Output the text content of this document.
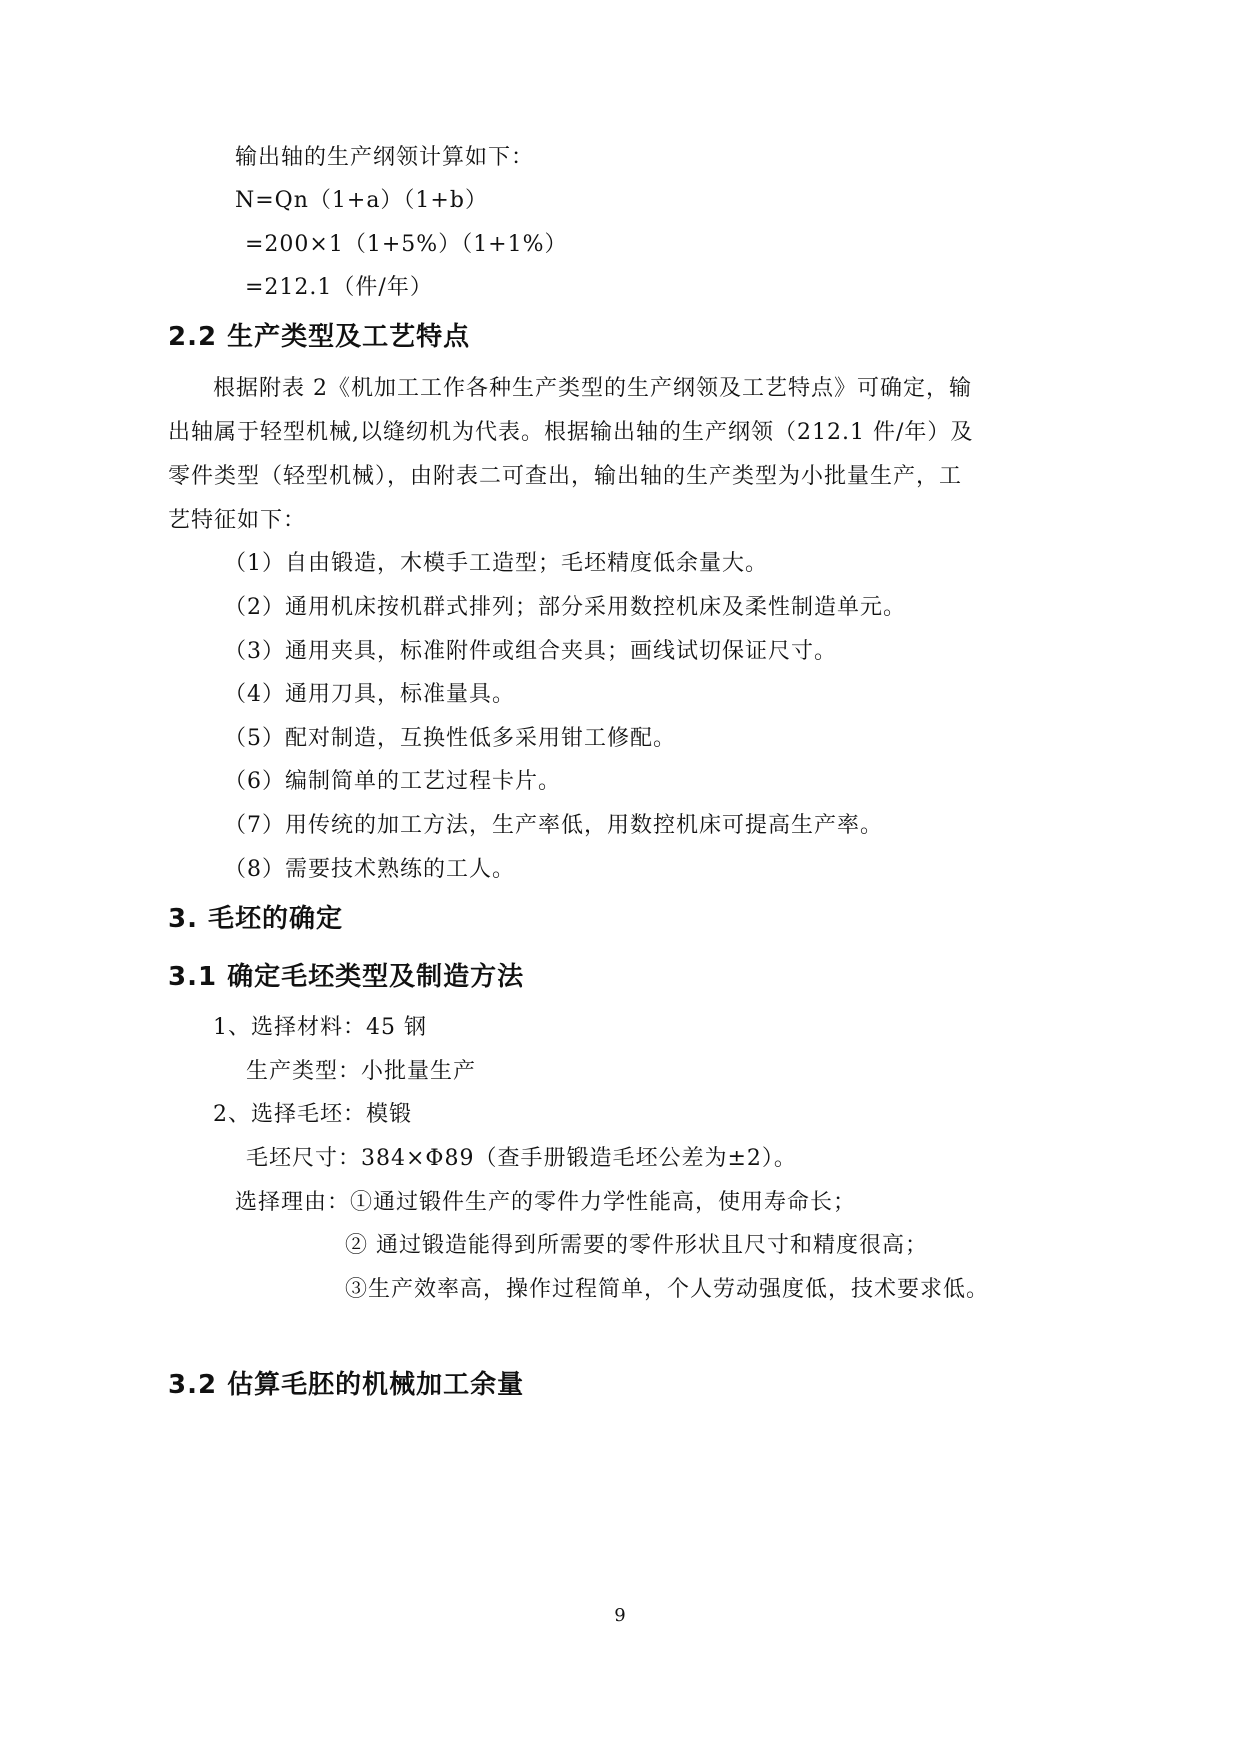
输出轴的生产纲领计算如下：
N=Qn（1+a）（1+b）
=200×1（1+5%）（1+1%）
=212.1（件/年）
2.2 生产类型及工艺特点
根据附表 2《机加工工作各种生产类型的生产纲领及工艺特点》可确定，输
出轴属于轻型机械,以缝纫机为代表。根据输出轴的生产纲领（212.1 件/年）及
零件类型（轻型机械），由附表二可查出，输出轴的生产类型为小批量生产，工
艺特征如下：
（1）自由锻造，木模手工造型；毛坯精度低余量大。
（2）通用机床按机群式排列；部分采用数控机床及柔性制造单元。
（3）通用夹具，标准附件或组合夹具；画线试切保证尺寸。
（4）通用刀具，标准量具。
（5）配对制造，互换性低多采用钳工修配。
（6）编制简单的工艺过程卡片。
（7）用传统的加工方法，生产率低，用数控机床可提高生产率。
（8）需要技术熟练的工人。
3. 毛坯的确定
3.1 确定毛坯类型及制造方法
1、选择材料：45 钢
生产类型：小批量生产
2、选择毛坯：模锻
毛坯尺寸：384×Φ89（查手册锻造毛坯公差为±2）。
选择理由：①通过锻件生产的零件力学性能高，使用寿命长；
② 通过锻造能得到所需要的零件形状且尺寸和精度很高；
③生产效率高，操作过程简单，个人劳动强度低，技术要求低。
3.2 估算毛胚的机械加工余量
9
